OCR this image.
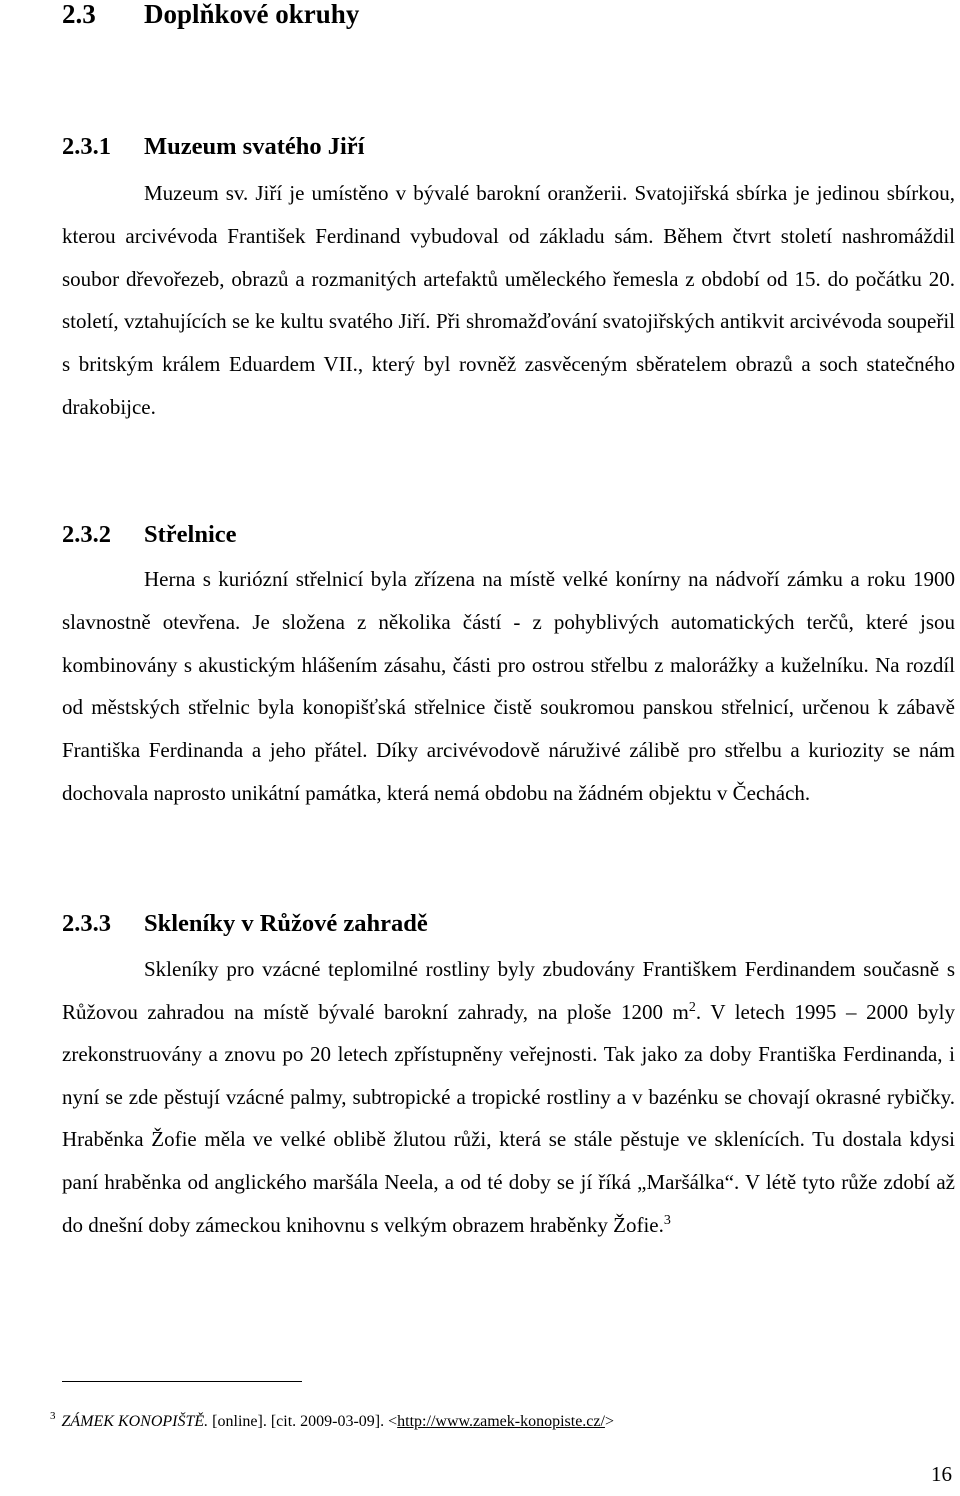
2.3 Doplňkové okruhy
2.3.1 Muzeum svatého Jiří

Muzeum sv. Jiří je umístěno v bývalé barokní oranžerii. Svatojiřská sbírka je jedinou sbírkou, kterou arcivévoda František Ferdinand vybudoval od základu sám. Během čtvrt století nashromáždil soubor dřevořezeb, obrazů a rozmanitých artefaktů uměleckého řemesla z období od 15. do počátku 20. století, vztahujících se ke kultu svatého Jiří. Při shromažďování svatojiřských antikvit arcivévoda soupeřil s britským králem Eduardem VII., který byl rovněž zasvěceným sběratelem obrazů a soch statečného drakobijce.

2.3.2 Střelnice

Herna s kuriózní střelnicí byla zřízena na místě velké konírny na nádvoří zámku a roku 1900 slavnostně otevřena. Je složena z několika částí - z pohyblivých automatických terčů, které jsou kombinovány s akustickým hlášením zásahu, části pro ostrou střelbu z malorážky a kuželníku. Na rozdíl od městských střelnic byla konopišťská střelnice čistě soukromou panskou střelnicí, určenou k zábavě Františka Ferdinanda a jeho přátel. Díky arcivévodově náruživé zálibě pro střelbu a kuriozity se nám dochovala naprosto unikátní památka, která nemá obdobu na žádném objektu v Čechách.

2.3.3 Skleníky v Růžové zahradě

Skleníky pro vzácné teplomilné rostliny byly zbudovány Františkem Ferdinandem současně s Růžovou zahradou na místě bývalé barokní zahrady, na ploše 1200 $m^2$. V letech 1995 – 2000 byly zrekonstruovány a znovu po 20 letech zpřístupněny veřejnosti. Tak jako za doby Františka Ferdinanda, i nyní se zde pěstují vzácné palmy, subtropické a tropické rostliny a v bazénku se chovají okrasné rybičky. Hraběnka Žofie měla ve velké oblibě žlutou růži, která se stále pěstuje ve sklenících. Tu dostala kdysi paní hraběnka od anglického maršála Neela, a od té doby se jí říká „Maršálka“. V létě tyto růže zdobí až do dnešní doby zámeckou knihovnu s velkým obrazem hraběnky Žofie.$^3$

$^3$ ZÁMEK KONOPIŠTĚ. [online]. [cit. 2009-03-09]. <http://www.zamek-konopiste.cz/>
16
